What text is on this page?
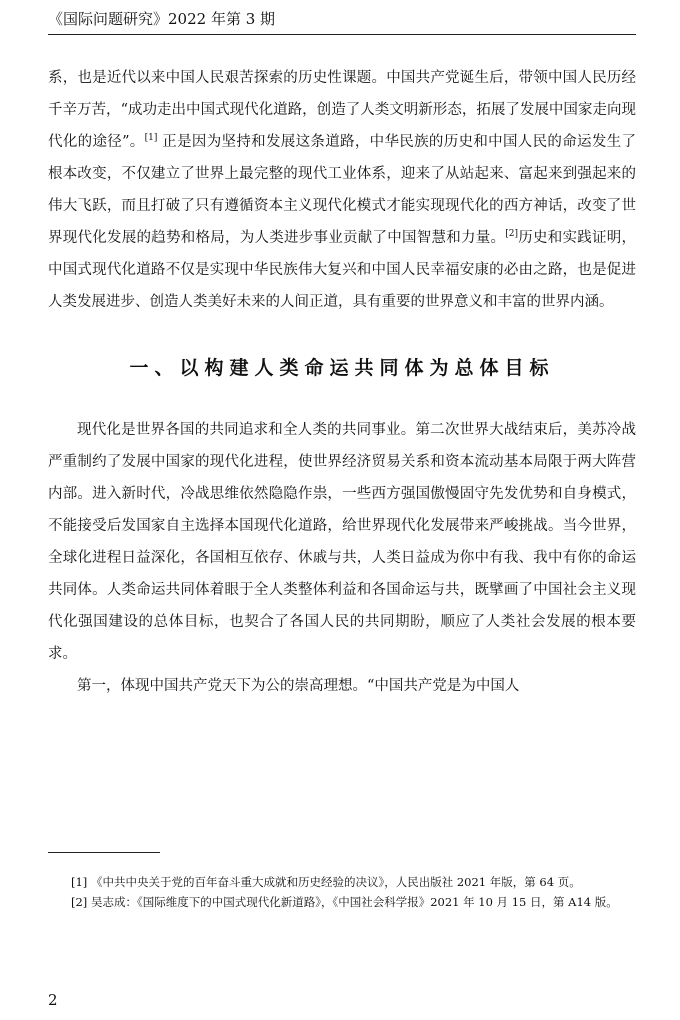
《国际问题研究》2022 年第 3 期

系，也是近代以来中国人民艰苦探索的历史性课题。中国共产党诞生后，带领中国人民历经千辛万苦，“成功走出中国式现代化道路，创造了人类文明新形态，拓展了发展中国家走向现代化的途径”。[1] 正是因为坚持和发展这条道路，中华民族的历史和中国人民的命运发生了根本改变，不仅建立了世界上最完整的现代工业体系，迎来了从站起来、富起来到强起来的伟大飞跃，而且打破了只有遵循资本主义现代化模式才能实现现代化的西方神话，改变了世界现代化发展的趋势和格局，为人类进步事业贡献了中国智慧和力量。[2]历史和实践证明，中国式现代化道路不仅是实现中华民族伟大复兴和中国人民幸福安康的必由之路，也是促进人类发展进步、创造人类美好未来的人间正道，具有重要的世界意义和丰富的世界内涵。

一、以构建人类命运共同体为总体目标

现代化是世界各国的共同追求和全人类的共同事业。第二次世界大战结束后，美苏冷战严重制约了发展中国家的现代化进程，使世界经济贸易关系和资本流动基本局限于两大阵营内部。进入新时代，冷战思维依然隐隐作祟，一些西方强国傲慢固守先发优势和自身模式，不能接受后发国家自主选择本国现代化道路，给世界现代化发展带来严峻挑战。当今世界，全球化进程日益深化，各国相互依存、休戚与共，人类日益成为你中有我、我中有你的命运共同体。人类命运共同体着眼于全人类整体利益和各国命运与共，既擘画了中国社会主义现代化强国建设的总体目标，也契合了各国人民的共同期盼，顺应了人类社会发展的根本要求。

第一，体现中国共产党天下为公的崇高理想。“中国共产党是为中国人

[1] 《中共中央关于党的百年奋斗重大成就和历史经验的决议》，人民出版社 2021 年版，第 64 页。

[2] 吴志成：《国际维度下的中国式现代化新道路》，《中国社会科学报》2021 年 10 月 15 日，第 A14 版。

2
